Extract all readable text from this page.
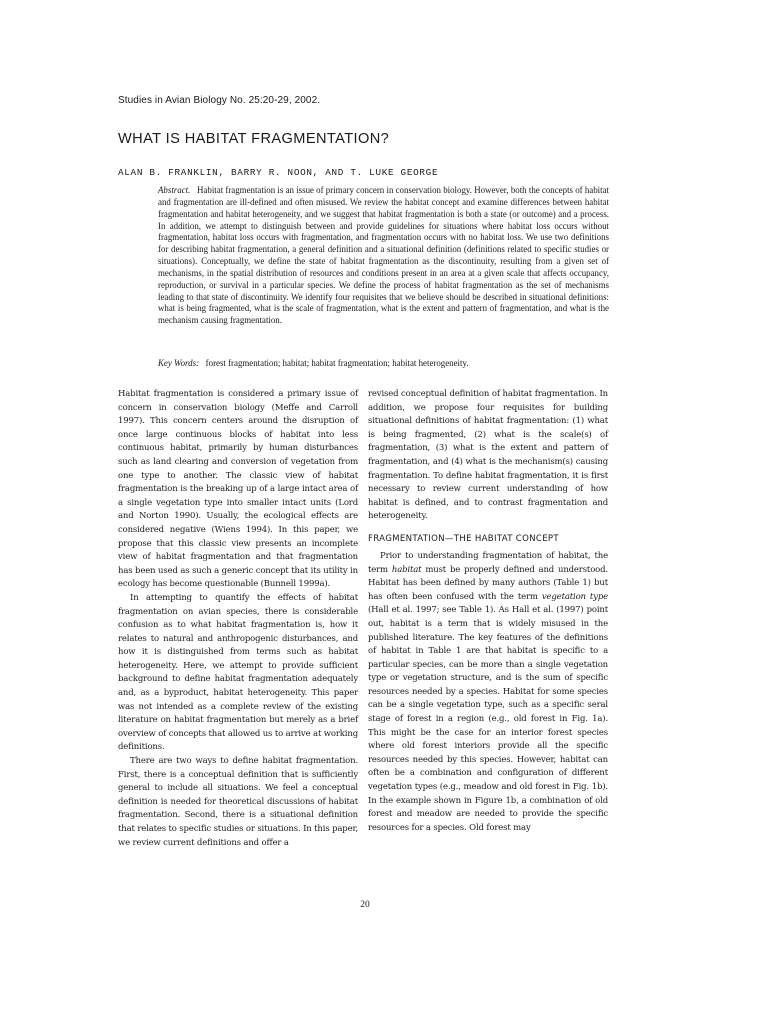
Studies in Avian Biology No. 25:20-29, 2002.
WHAT IS HABITAT FRAGMENTATION?
ALAN B. FRANKLIN, BARRY R. NOON, AND T. LUKE GEORGE
Abstract. Habitat fragmentation is an issue of primary concern in conservation biology. However, both the concepts of habitat and fragmentation are ill-defined and often misused. We review the habitat concept and examine differences between habitat fragmentation and habitat heterogeneity, and we suggest that habitat fragmentation is both a state (or outcome) and a process. In addition, we attempt to distinguish between and provide guidelines for situations where habitat loss occurs without fragmentation, habitat loss occurs with fragmentation, and fragmentation occurs with no habitat loss. We use two definitions for describing habitat fragmentation, a general definition and a situational definition (definitions related to specific studies or situations). Conceptually, we define the state of habitat fragmentation as the discontinuity, resulting from a given set of mechanisms, in the spatial distribution of resources and conditions present in an area at a given scale that affects occupancy, reproduction, or survival in a particular species. We define the process of habitat fragmentation as the set of mechanisms leading to that state of discontinuity. We identify four requisites that we believe should be described in situational definitions: what is being fragmented, what is the scale of fragmentation, what is the extent and pattern of fragmentation, and what is the mechanism causing fragmentation.
Key Words: forest fragmentation; habitat; habitat fragmentation; habitat heterogeneity.

Habitat fragmentation is considered a primary issue of concern in conservation biology (Meffe and Carroll 1997). This concern centers around the disruption of once large continuous blocks of habitat into less continuous habitat, primarily by human disturbances such as land clearing and conversion of vegetation from one type to another. The classic view of habitat fragmentation is the breaking up of a large intact area of a single vegetation type into smaller intact units (Lord and Norton 1990). Usually, the ecological effects are considered negative (Wiens 1994). In this paper, we propose that this classic view presents an incomplete view of habitat fragmentation and that fragmentation has been used as such a generic concept that its utility in ecology has become questionable (Bunnell 1999a).

In attempting to quantify the effects of habitat fragmentation on avian species, there is considerable confusion as to what habitat fragmentation is, how it relates to natural and anthropogenic disturbances, and how it is distinguished from terms such as habitat heterogeneity. Here, we attempt to provide sufficient background to define habitat fragmentation adequately and, as a byproduct, habitat heterogeneity. This paper was not intended as a complete review of the existing literature on habitat fragmentation but merely as a brief overview of concepts that allowed us to arrive at working definitions.

There are two ways to define habitat fragmentation. First, there is a conceptual definition that is sufficiently general to include all situations. We feel a conceptual definition is needed for theoretical discussions of habitat fragmentation. Second, there is a situational definition that relates to specific studies or situations. In this paper, we review current definitions and offer a

revised conceptual definition of habitat fragmentation. In addition, we propose four requisites for building situational definitions of habitat fragmentation: (1) what is being fragmented, (2) what is the scale(s) of fragmentation, (3) what is the extent and pattern of fragmentation, and (4) what is the mechanism(s) causing fragmentation. To define habitat fragmentation, it is first necessary to review current understanding of how habitat is defined, and to contrast fragmentation and heterogeneity.

FRAGMENTATION—THE HABITAT CONCEPT

Prior to understanding fragmentation of habitat, the term habitat must be properly defined and understood. Habitat has been defined by many authors (Table 1) but has often been confused with the term vegetation type (Hall et al. 1997; see Table 1). As Hall et al. (1997) point out, habitat is a term that is widely misused in the published literature. The key features of the definitions of habitat in Table 1 are that habitat is specific to a particular species, can be more than a single vegetation type or vegetation structure, and is the sum of specific resources needed by a species. Habitat for some species can be a single vegetation type, such as a specific seral stage of forest in a region (e.g., old forest in Fig. 1a). This might be the case for an interior forest species where old forest interiors provide all the specific resources needed by this species. However, habitat can often be a combination and configuration of different vegetation types (e.g., meadow and old forest in Fig. 1b). In the example shown in Figure 1b, a combination of old forest and meadow are needed to provide the specific resources for a species. Old forest may

20
